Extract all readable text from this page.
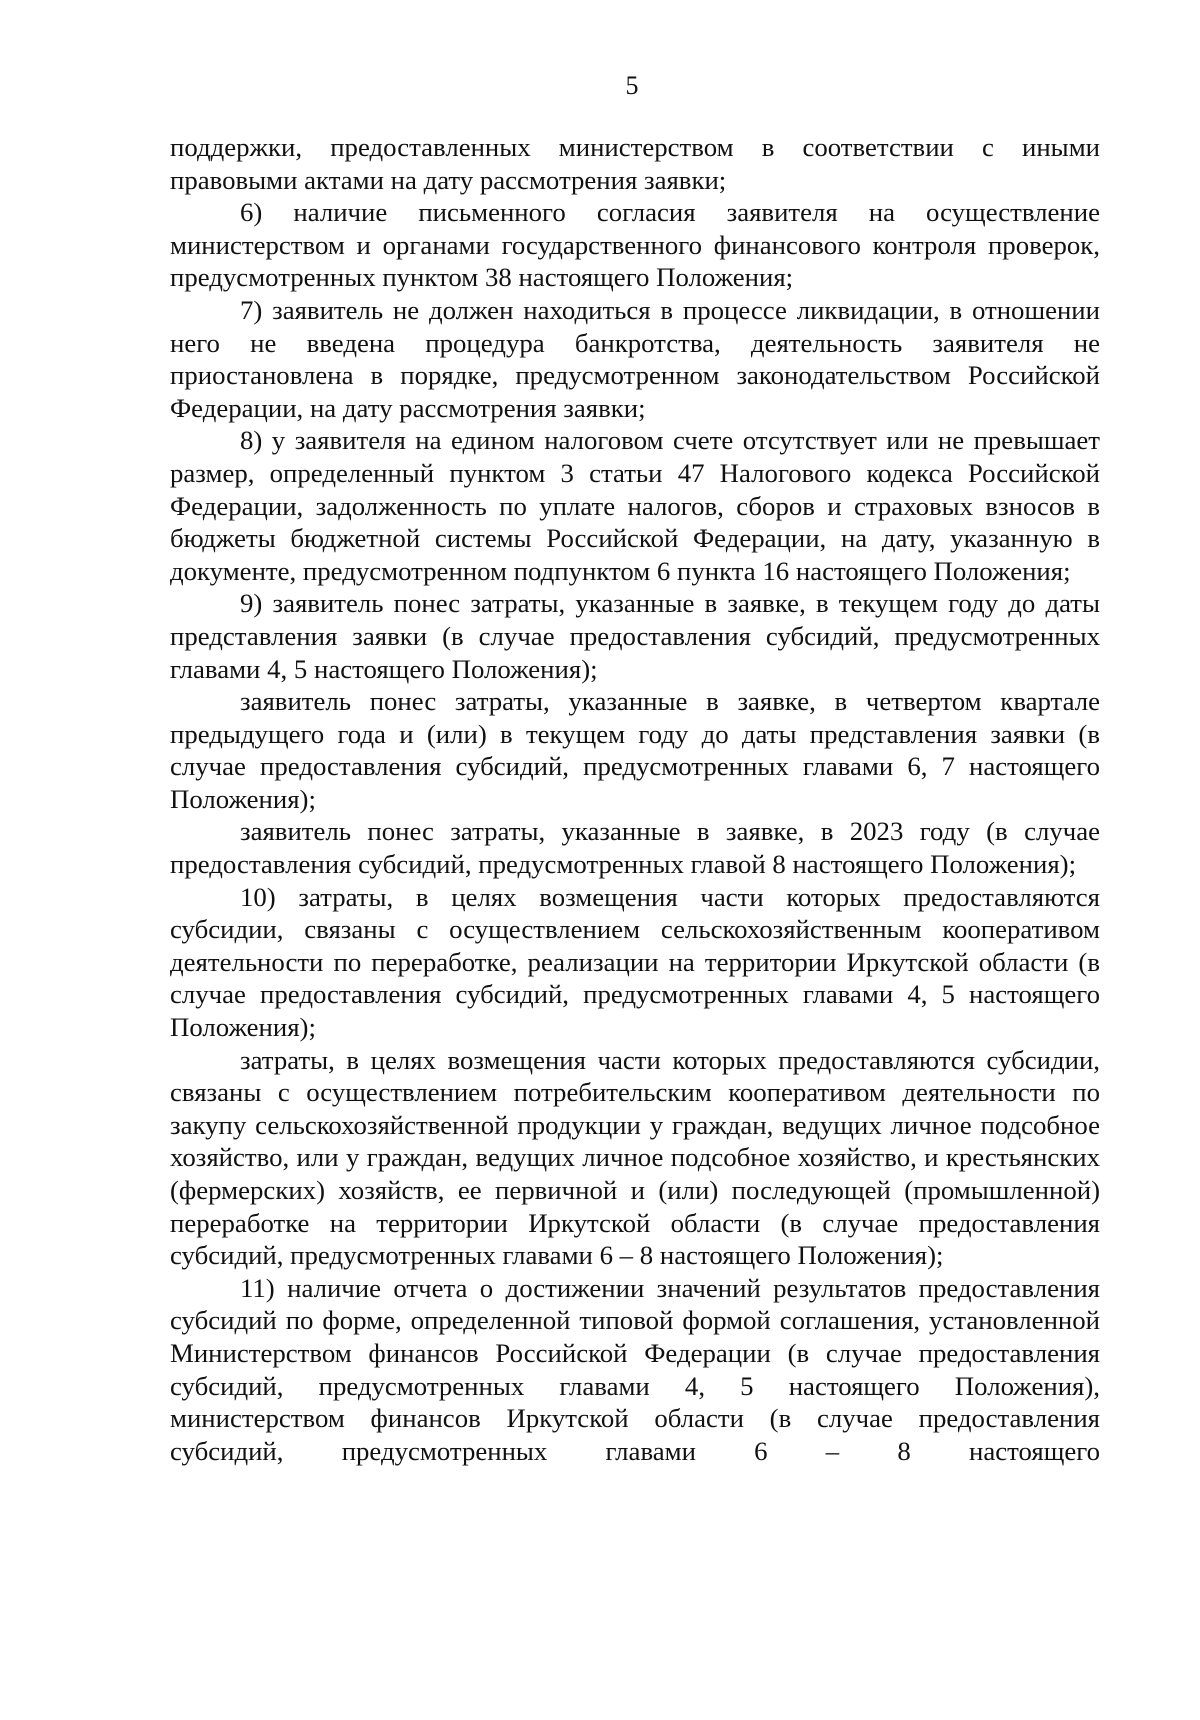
5

поддержки, предоставленных министерством в соответствии с иными правовыми актами на дату рассмотрения заявки;

6) наличие письменного согласия заявителя на осуществление министерством и органами государственного финансового контроля проверок, предусмотренных пунктом 38 настоящего Положения;

7) заявитель не должен находиться в процессе ликвидации, в отношении него не введена процедура банкротства, деятельность заявителя не приостановлена в порядке, предусмотренном законодательством Российской Федерации, на дату рассмотрения заявки;

8) у заявителя на едином налоговом счете отсутствует или не превышает размер, определенный пунктом 3 статьи 47 Налогового кодекса Российской Федерации, задолженность по уплате налогов, сборов и страховых взносов в бюджеты бюджетной системы Российской Федерации, на дату, указанную в документе, предусмотренном подпунктом 6 пункта 16 настоящего Положения;

9) заявитель понес затраты, указанные в заявке, в текущем году до даты представления заявки (в случае предоставления субсидий, предусмотренных главами 4, 5 настоящего Положения);

заявитель понес затраты, указанные в заявке, в четвертом квартале предыдущего года и (или) в текущем году до даты представления заявки (в случае предоставления субсидий, предусмотренных главами 6, 7 настоящего Положения);

заявитель понес затраты, указанные в заявке, в 2023 году (в случае предоставления субсидий, предусмотренных главой 8 настоящего Положения);

10) затраты, в целях возмещения части которых предоставляются субсидии, связаны с осуществлением сельскохозяйственным кооперативом деятельности по переработке, реализации на территории Иркутской области (в случае предоставления субсидий, предусмотренных главами 4, 5 настоящего Положения);

затраты, в целях возмещения части которых предоставляются субсидии, связаны с осуществлением потребительским кооперативом деятельности по закупу сельскохозяйственной продукции у граждан, ведущих личное подсобное хозяйство, или у граждан, ведущих личное подсобное хозяйство, и крестьянских (фермерских) хозяйств, ее первичной и (или) последующей (промышленной) переработке на территории Иркутской области (в случае предоставления субсидий, предусмотренных главами 6 – 8 настоящего Положения);

11) наличие отчета о достижении значений результатов предоставления субсидий по форме, определенной типовой формой соглашения, установленной Министерством финансов Российской Федерации (в случае предоставления субсидий, предусмотренных главами 4, 5 настоящего Положения), министерством финансов Иркутской области (в случае предоставления субсидий, предусмотренных главами 6 – 8 настоящего
